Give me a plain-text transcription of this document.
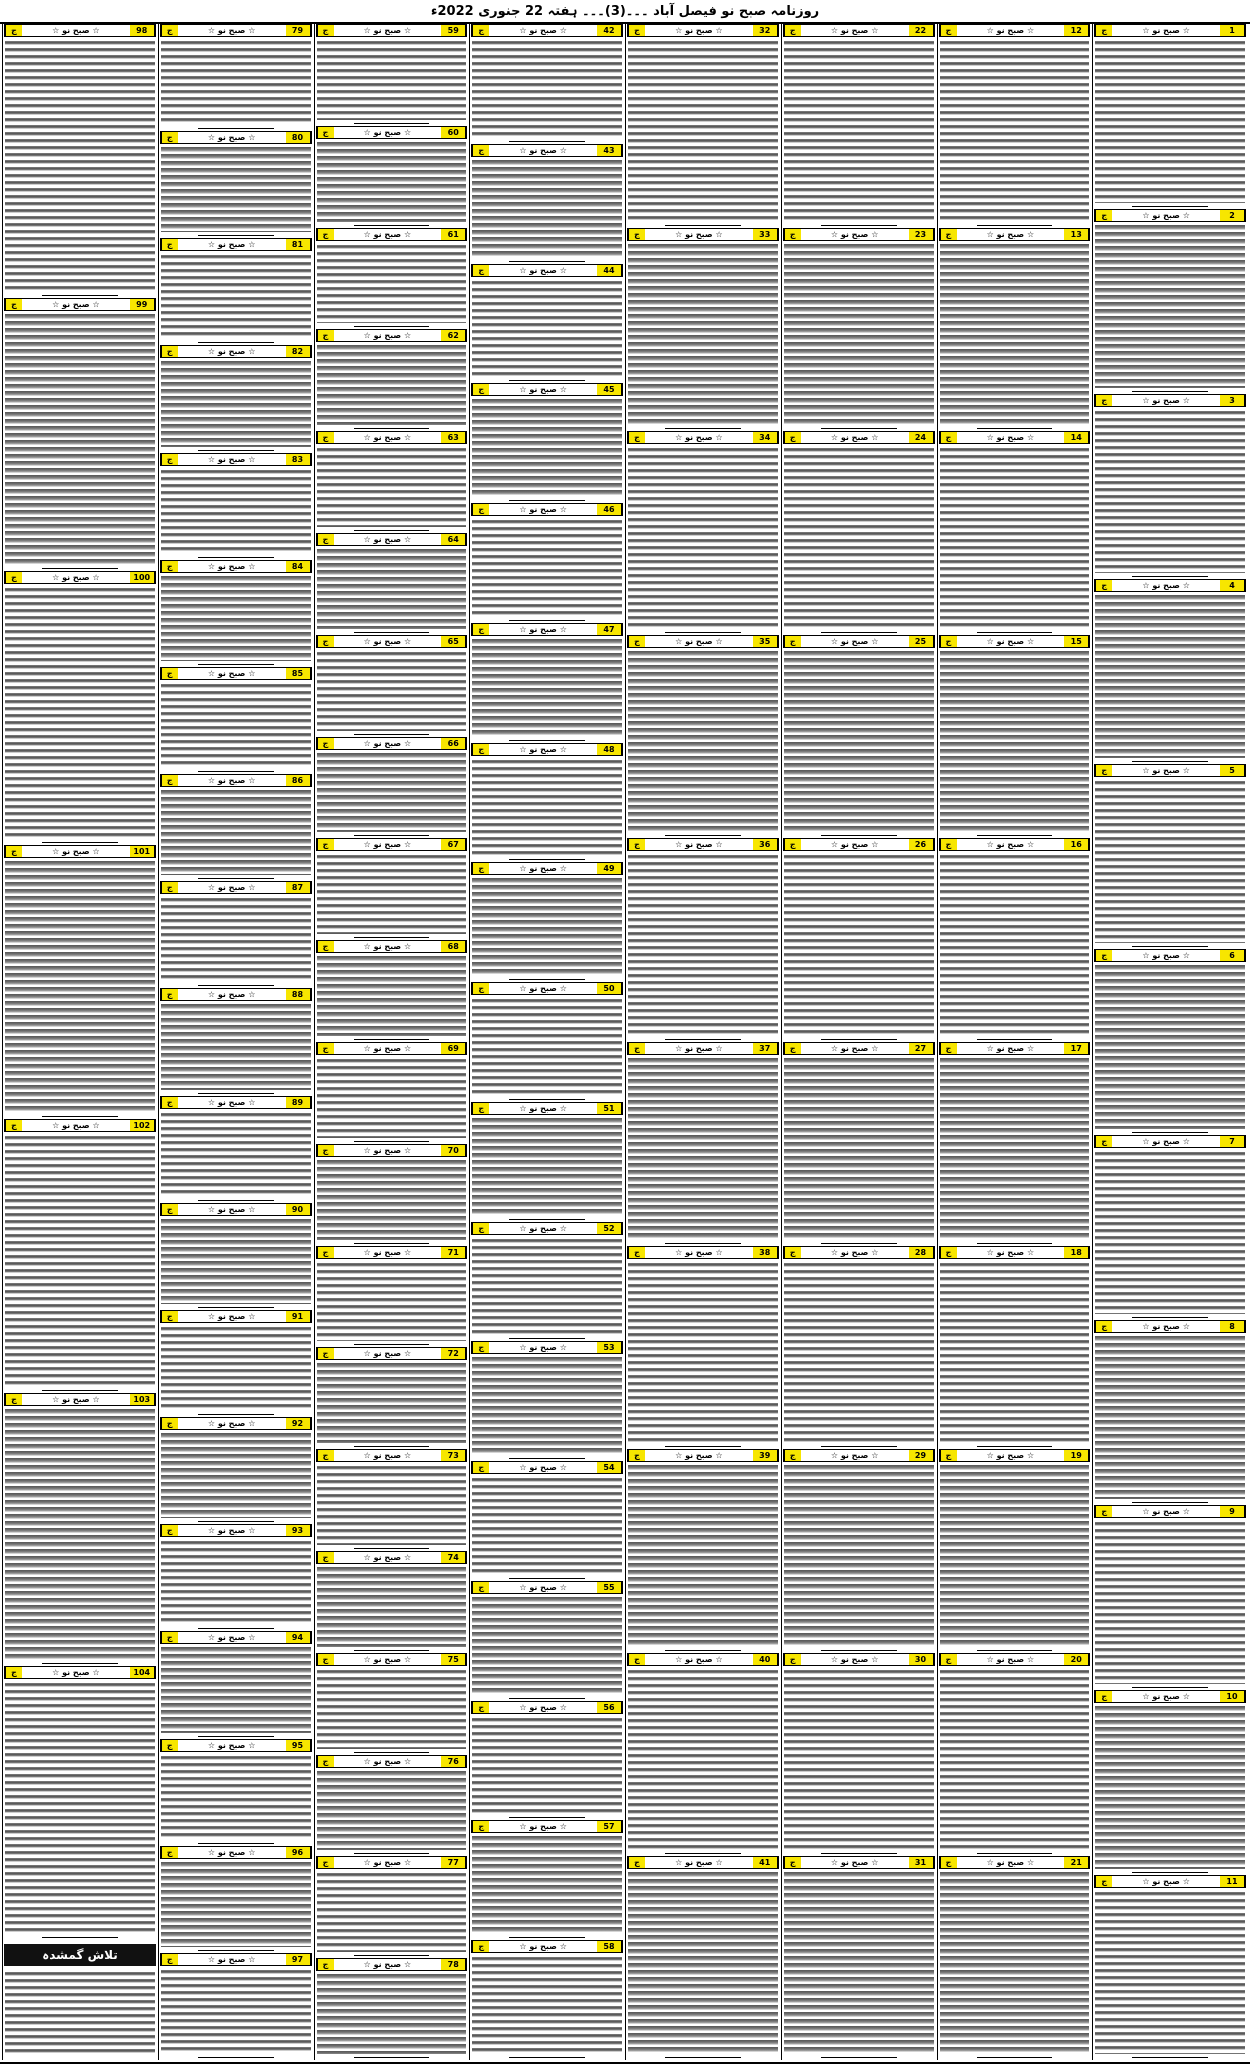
روزنامہ صبح نو فیصل آباد ۔۔۔(3)۔۔۔ ہفتہ 22 جنوری 2022ء
ج	☆ صبح نو ☆	1
ج	☆ صبح نو ☆	2
ج	☆ صبح نو ☆	3
ج	☆ صبح نو ☆	4
ج	☆ صبح نو ☆	5
ج	☆ صبح نو ☆	6
ج	☆ صبح نو ☆	7
ج	☆ صبح نو ☆	8
ج	☆ صبح نو ☆	9
ج	☆ صبح نو ☆	10
ج	☆ صبح نو ☆	11
ج	☆ صبح نو ☆	12
ج	☆ صبح نو ☆	13
ج	☆ صبح نو ☆	14
ج	☆ صبح نو ☆	15
ج	☆ صبح نو ☆	16
ج	☆ صبح نو ☆	17
ج	☆ صبح نو ☆	18
ج	☆ صبح نو ☆	19
ج	☆ صبح نو ☆	20
ج	☆ صبح نو ☆	21
ج	☆ صبح نو ☆	22
ج	☆ صبح نو ☆	23
ج	☆ صبح نو ☆	24
ج	☆ صبح نو ☆	25
ج	☆ صبح نو ☆	26
ج	☆ صبح نو ☆	27
ج	☆ صبح نو ☆	28
ج	☆ صبح نو ☆	29
ج	☆ صبح نو ☆	30
ج	☆ صبح نو ☆	31
ج	☆ صبح نو ☆	32
ج	☆ صبح نو ☆	33
ج	☆ صبح نو ☆	34
ج	☆ صبح نو ☆	35
ج	☆ صبح نو ☆	36
ج	☆ صبح نو ☆	37
ج	☆ صبح نو ☆	38
ج	☆ صبح نو ☆	39
ج	☆ صبح نو ☆	40
ج	☆ صبح نو ☆	41
ج	☆ صبح نو ☆	42
ج	☆ صبح نو ☆	43
ج	☆ صبح نو ☆	44
ج	☆ صبح نو ☆	45
ج	☆ صبح نو ☆	46
ج	☆ صبح نو ☆	47
ج	☆ صبح نو ☆	48
ج	☆ صبح نو ☆	49
ج	☆ صبح نو ☆	50
ج	☆ صبح نو ☆	51
ج	☆ صبح نو ☆	52
ج	☆ صبح نو ☆	53
ج	☆ صبح نو ☆	54
ج	☆ صبح نو ☆	55
ج	☆ صبح نو ☆	56
ج	☆ صبح نو ☆	57
ج	☆ صبح نو ☆	58
ج	☆ صبح نو ☆	59
ج	☆ صبح نو ☆	60
ج	☆ صبح نو ☆	61
ج	☆ صبح نو ☆	62
ج	☆ صبح نو ☆	63
ج	☆ صبح نو ☆	64
ج	☆ صبح نو ☆	65
ج	☆ صبح نو ☆	66
ج	☆ صبح نو ☆	67
ج	☆ صبح نو ☆	68
ج	☆ صبح نو ☆	69
ج	☆ صبح نو ☆	70
ج	☆ صبح نو ☆	71
ج	☆ صبح نو ☆	72
ج	☆ صبح نو ☆	73
ج	☆ صبح نو ☆	74
ج	☆ صبح نو ☆	75
ج	☆ صبح نو ☆	76
ج	☆ صبح نو ☆	77
ج	☆ صبح نو ☆	78
ج	☆ صبح نو ☆	79
ج	☆ صبح نو ☆	80
ج	☆ صبح نو ☆	81
ج	☆ صبح نو ☆	82
ج	☆ صبح نو ☆	83
ج	☆ صبح نو ☆	84
ج	☆ صبح نو ☆	85
ج	☆ صبح نو ☆	86
ج	☆ صبح نو ☆	87
ج	☆ صبح نو ☆	88
ج	☆ صبح نو ☆	89
ج	☆ صبح نو ☆	90
ج	☆ صبح نو ☆	91
ج	☆ صبح نو ☆	92
ج	☆ صبح نو ☆	93
ج	☆ صبح نو ☆	94
ج	☆ صبح نو ☆	95
ج	☆ صبح نو ☆	96
ج	☆ صبح نو ☆	97
ج	☆ صبح نو ☆	98
ج	☆ صبح نو ☆	99
ج	☆ صبح نو ☆	100
ج	☆ صبح نو ☆	101
ج	☆ صبح نو ☆	102
ج	☆ صبح نو ☆	103
ج	☆ صبح نو ☆	104
تلاش گمشدہ
